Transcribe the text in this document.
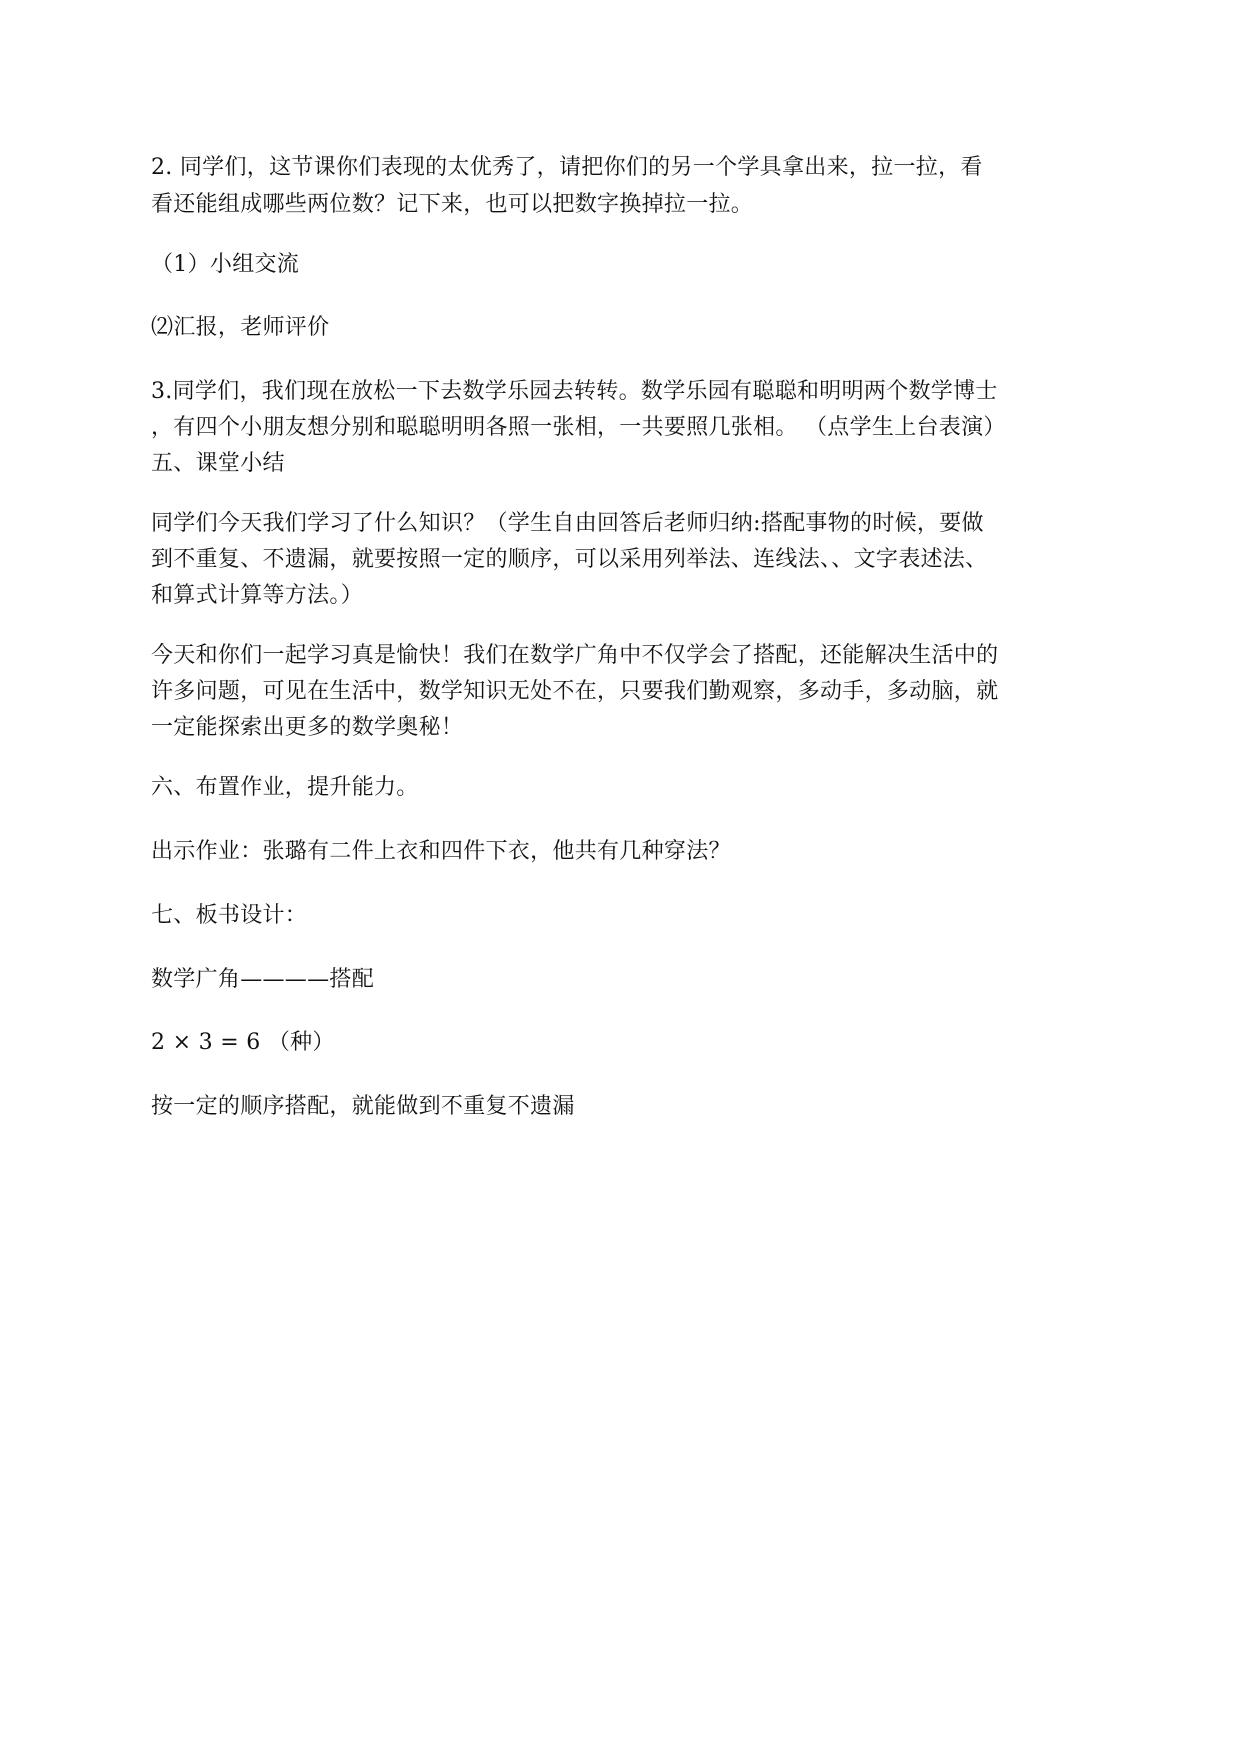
2. 同学们，这节课你们表现的太优秀了，请把你们的另一个学具拿出来，拉一拉，看

看还能组成哪些两位数？记下来，也可以把数字换掉拉一拉。

（1）小组交流

⑵汇报，老师评价

3.同学们，我们现在放松一下去数学乐园去转转。数学乐园有聪聪和明明两个数学博士

，有四个小朋友想分别和聪聪明明各照一张相，一共要照几张相。 （点学生上台表演）

五、课堂小结

同学们今天我们学习了什么知识？（学生自由回答后老师归纳:搭配事物的时候，要做

到不重复、不遗漏，就要按照一定的顺序，可以采用列举法、连线法、、文字表述法、

和算式计算等方法。）

今天和你们一起学习真是愉快！我们在数学广角中不仅学会了搭配，还能解决生活中的

许多问题，可见在生活中，数学知识无处不在，只要我们勤观察，多动手，多动脑，就

一定能探索出更多的数学奥秘！

六、布置作业，提升能力。

出示作业：张璐有二件上衣和四件下衣，他共有几种穿法？

七、板书设计：

数学广角————搭配

2 × 3 = 6 （种）

按一定的顺序搭配，就能做到不重复不遗漏
